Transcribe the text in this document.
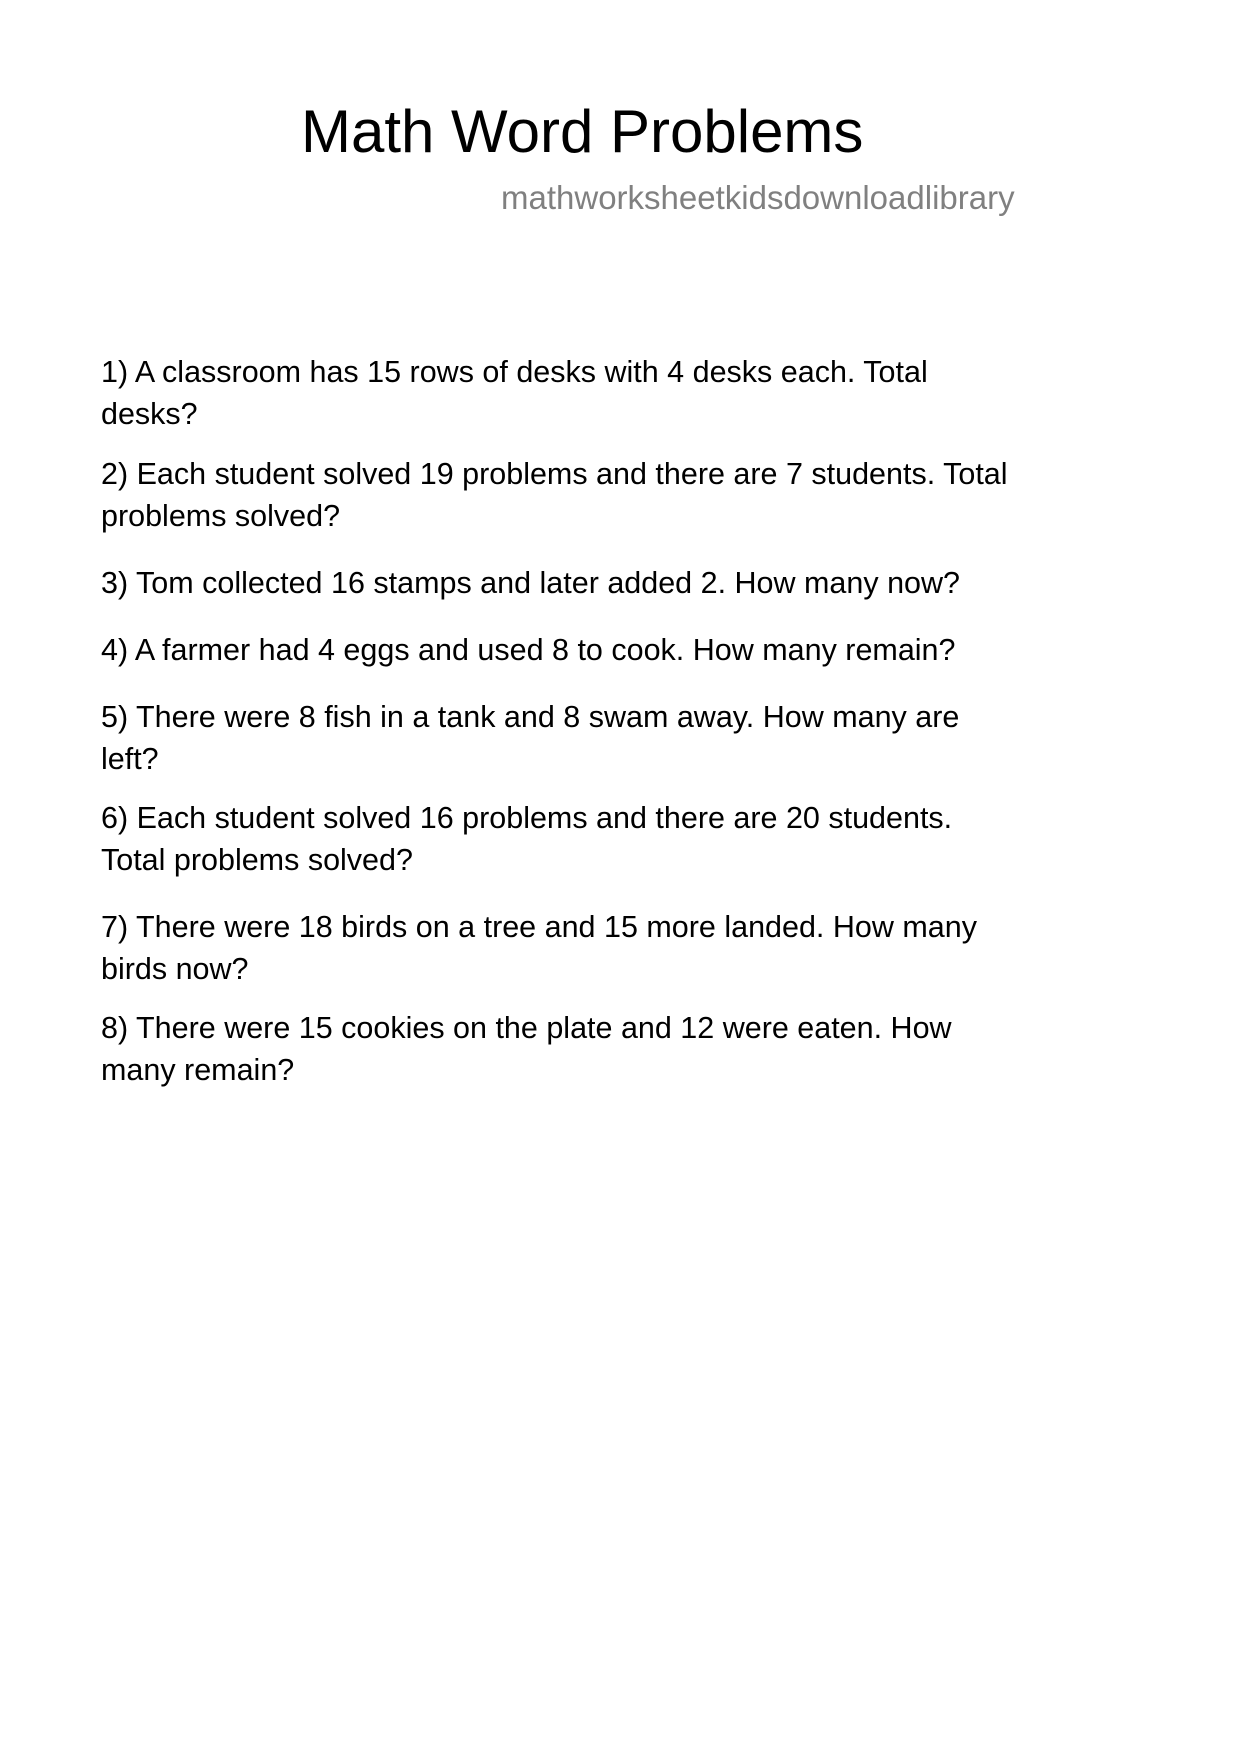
Math Word Problems
mathworksheetkidsdownloadlibrary
1) A classroom has 15 rows of desks with 4 desks each. Total
desks?
2) Each student solved 19 problems and there are 7 students. Total
problems solved?
3) Tom collected 16 stamps and later added 2. How many now?
4) A farmer had 4 eggs and used 8 to cook. How many remain?
5) There were 8 fish in a tank and 8 swam away. How many are
left?
6) Each student solved 16 problems and there are 20 students.
Total problems solved?
7) There were 18 birds on a tree and 15 more landed. How many
birds now?
8) There were 15 cookies on the plate and 12 were eaten. How
many remain?
